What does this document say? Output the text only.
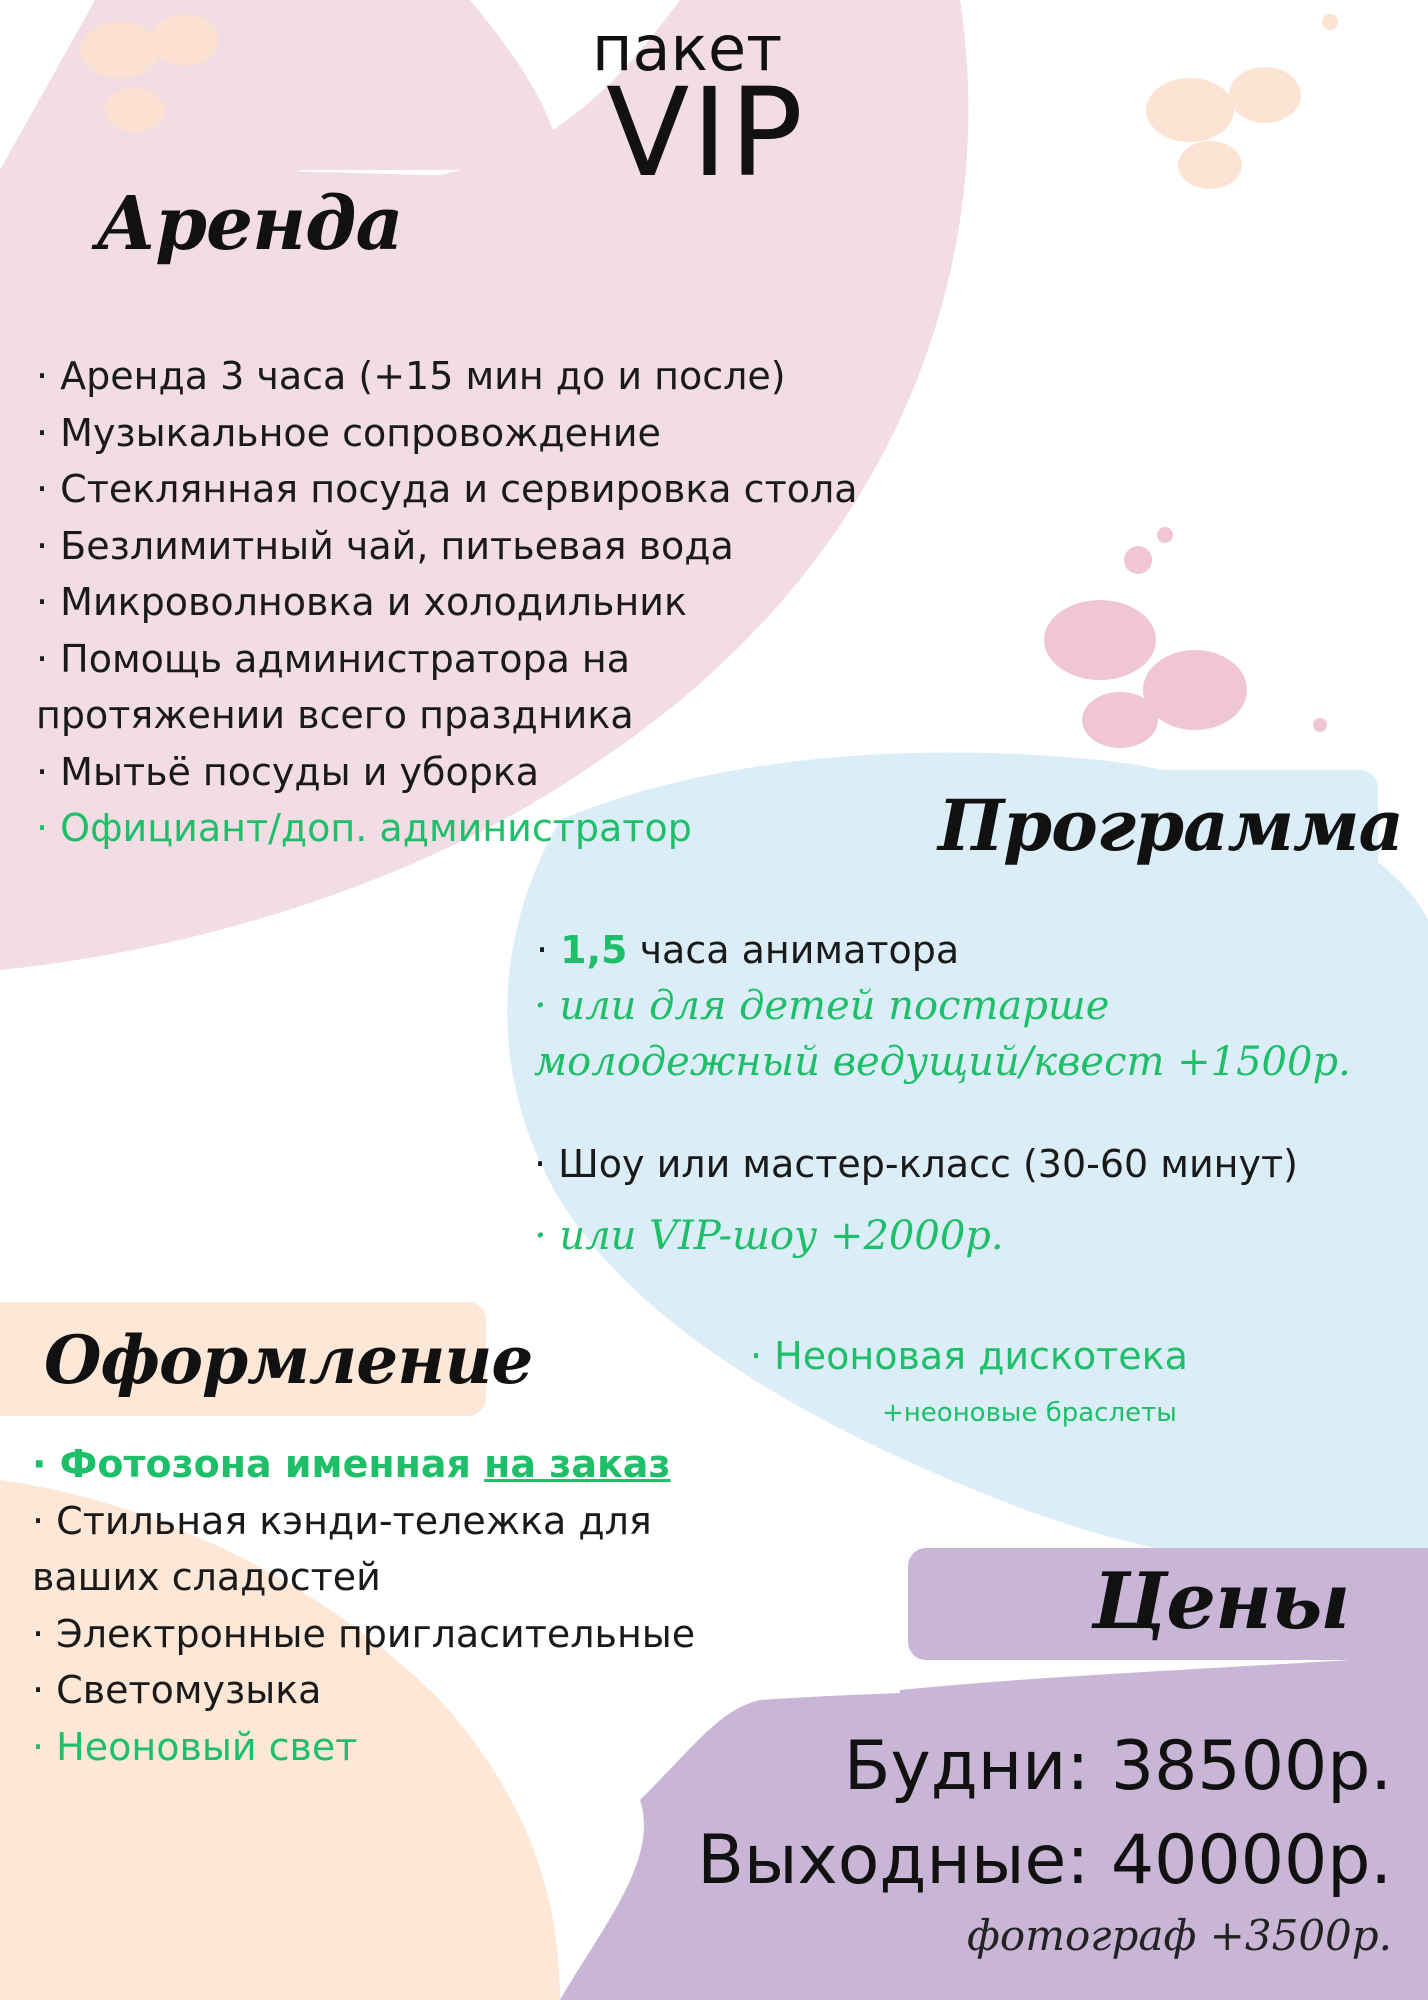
пакет
VIP
Аренда
· Аренда 3 часа (+15 мин до и после)
· Музыкальное сопровождение
· Стеклянная посуда и сервировка стола
· Безлимитный чай, питьевая вода
· Микроволновка и холодильник
· Помощь администратора на
протяжении всего праздника
· Мытьё посуды и уборка
· Официант/доп. администратор	Программа
· 1,5 часа аниматора
· или для детей постарше
молодежный ведущий/квест +1500р.
· Шоу или мастер-класс (30-60 минут)
· или VIP-шоу +2000р.
· Неоновая дискотека
+неоновые браслеты
Оформление
· Фотозона именная на заказ
· Стильная кэнди-тележка для
ваших сладостей
· Электронные пригласительные
· Светомузыка
· Неоновый свет
Цены
Будни: 38500р.
Выходные: 40000р.
фотограф +3500р.
